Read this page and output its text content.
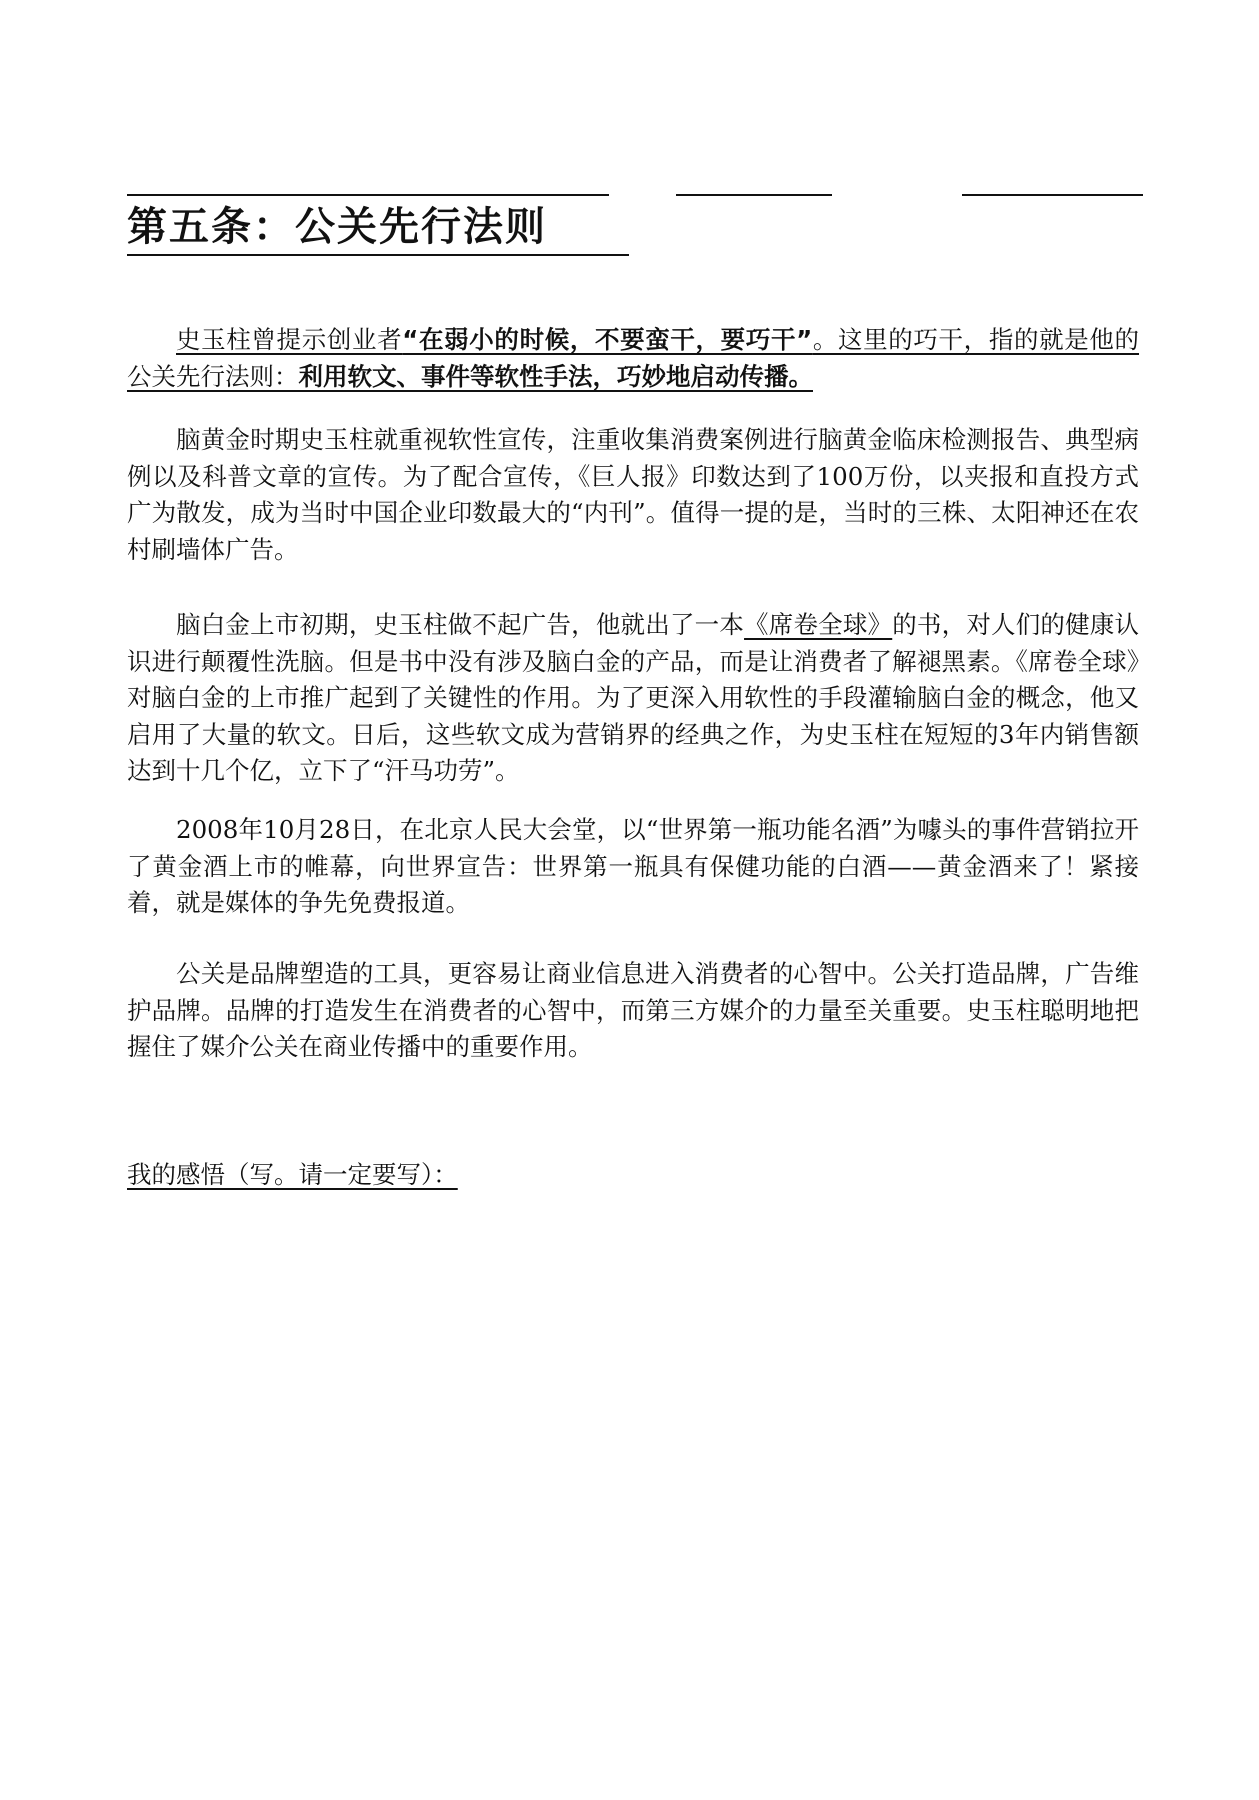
第五条：公关先行法则

史玉柱曾提示创业者“在弱小的时候，不要蛮干，要巧干”。这里的巧干，指的就是他的公关先行法则：利用软文、事件等软性手法，巧妙地启动传播。

脑黄金时期史玉柱就重视软性宣传，注重收集消费案例进行脑黄金临床检测报告、典型病例以及科普文章的宣传。为了配合宣传，《巨人报》印数达到了100万份，以夹报和直投方式广为散发，成为当时中国企业印数最大的“内刊”。值得一提的是，当时的三株、太阳神还在农村刷墙体广告。

脑白金上市初期，史玉柱做不起广告，他就出了一本《席卷全球》的书，对人们的健康认识进行颠覆性洗脑。但是书中没有涉及脑白金的产品，而是让消费者了解褪黑素。《席卷全球》对脑白金的上市推广起到了关键性的作用。为了更深入用软性的手段灌输脑白金的概念，他又启用了大量的软文。日后，这些软文成为营销界的经典之作，为史玉柱在短短的3年内销售额达到十几个亿，立下了“汗马功劳”。

2008年10月28日，在北京人民大会堂，以“世界第一瓶功能名酒”为噱头的事件营销拉开了黄金酒上市的帷幕，向世界宣告：世界第一瓶具有保健功能的白酒——黄金酒来了！紧接着，就是媒体的争先免费报道。

公关是品牌塑造的工具，更容易让商业信息进入消费者的心智中。公关打造品牌，广告维护品牌。品牌的打造发生在消费者的心智中，而第三方媒介的力量至关重要。史玉柱聪明地把握住了媒介公关在商业传播中的重要作用。

我的感悟（写。请一定要写）：
